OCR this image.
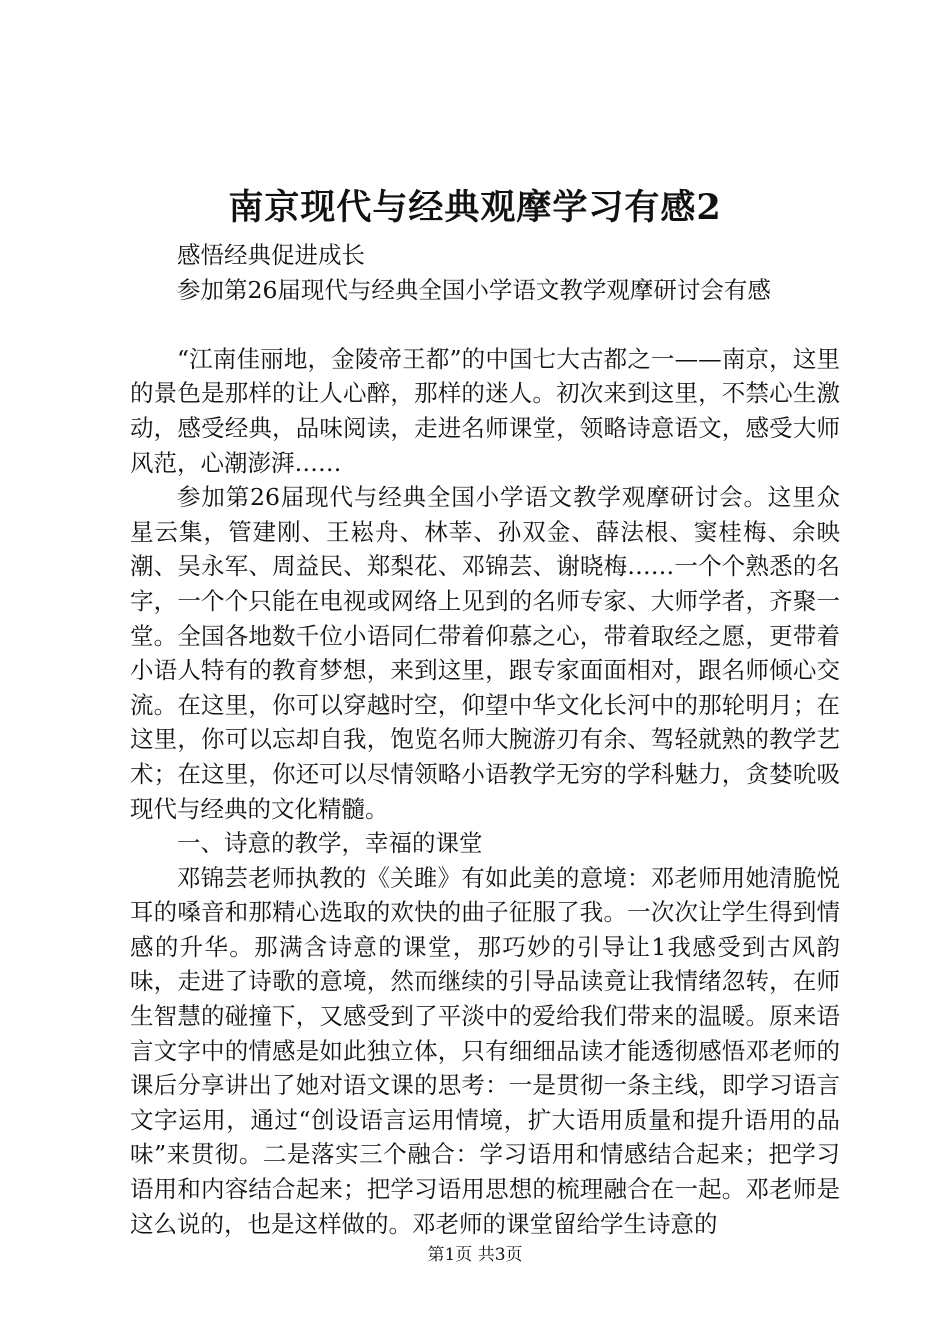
南京现代与经典观摩学习有感2

感悟经典促进成长

参加第26届现代与经典全国小学语文教学观摩研讨会有感

“江南佳丽地，金陵帝王都”的中国七大古都之一——南京，这里的景色是那样的让人心醉，那样的迷人。初次来到这里，不禁心生激动，感受经典，品味阅读，走进名师课堂，领略诗意语文，感受大师风范，心潮澎湃……

参加第26届现代与经典全国小学语文教学观摩研讨会。这里众星云集，管建刚、王崧舟、林莘、孙双金、薛法根、窦桂梅、余映潮、吴永军、周益民、郑梨花、邓锦芸、谢晓梅……一个个熟悉的名字，一个个只能在电视或网络上见到的名师专家、大师学者，齐聚一堂。全国各地数千位小语同仁带着仰慕之心，带着取经之愿，更带着小语人特有的教育梦想，来到这里，跟专家面面相对，跟名师倾心交流。在这里，你可以穿越时空，仰望中华文化长河中的那轮明月；在这里，你可以忘却自我，饱览名师大腕游刃有余、驾轻就熟的教学艺术；在这里，你还可以尽情领略小语教学无穷的学科魅力，贪婪吮吸现代与经典的文化精髓。

一、诗意的教学，幸福的课堂

邓锦芸老师执教的《关雎》有如此美的意境：邓老师用她清脆悦耳的嗓音和那精心选取的欢快的曲子征服了我。一次次让学生得到情感的升华。那满含诗意的课堂，那巧妙的引导让1我感受到古风韵味，走进了诗歌的意境，然而继续的引导品读竟让我情绪忽转，在师生智慧的碰撞下，又感受到了平淡中的爱给我们带来的温暖。原来语言文字中的情感是如此独立体，只有细细品读才能透彻感悟邓老师的课后分享讲出了她对语文课的思考：一是贯彻一条主线，即学习语言文字运用，通过“创设语言运用情境，扩大语用质量和提升语用的品味”来贯彻。二是落实三个融合：学习语用和情感结合起来；把学习语用和内容结合起来；把学习语用思想的梳理融合在一起。邓老师是这么说的，也是这样做的。邓老师的课堂留给学生诗意的

第1页 共3页
